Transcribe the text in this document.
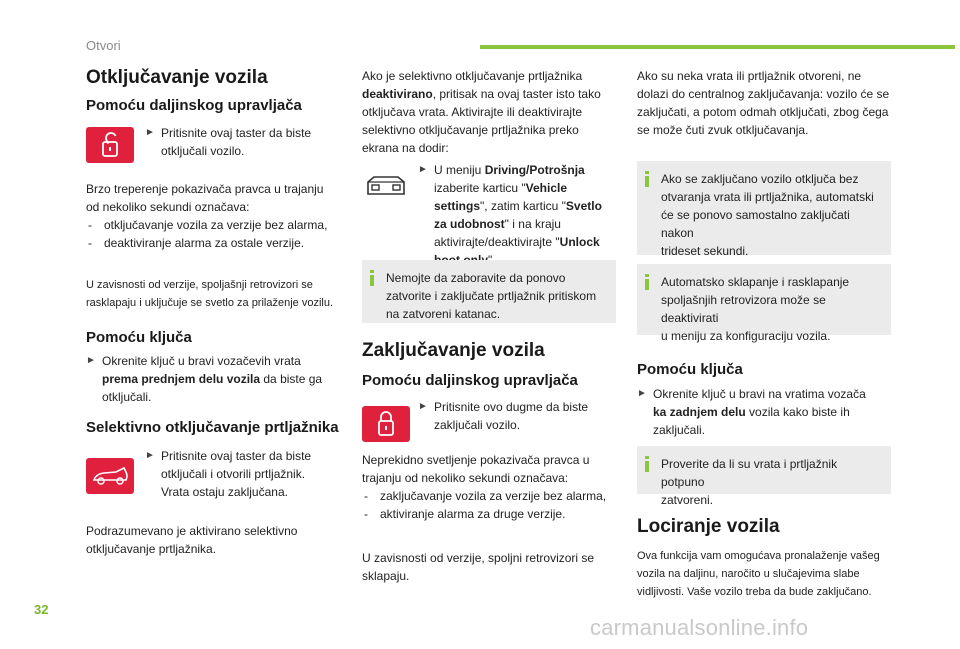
Otvori
Otključavanje vozila
Pomoću daljinskog upravljača
► Pritisnite ovaj taster da biste
otključali vozilo.
Brzo treperenje pokazivača pravca u trajanju
od nekoliko sekundi označava:
- otključavanje vozila za verzije bez alarma,
- deaktiviranje alarma za ostale verzije.
U zavisnosti od verzije, spoljašnji retrovizori se
rasklapaju i uključuje se svetlo za prilaženje vozilu.
Pomoću ključa
► Okrenite ključ u bravi vozačevih vrata
prema prednjem delu vozila da biste ga
otključali.
Selektivno otključavanje prtljažnika
► Pritisnite ovaj taster da biste
otključali i otvorili prtljažnik.
Vrata ostaju zaključana.
Podrazumevano je aktivirano selektivno
otključavanje prtljažnika.
Ako je selektivno otključavanje prtljažnika
deaktivirano, pritisak na ovaj taster isto tako
otključava vrata. Aktivirajte ili deaktivirajte
selektivno otključavanje prtljažnika preko
ekrana na dodir:
► U meniju Driving/Potrošnja
izaberite karticu "Vehicle
settings", zatim karticu "Svetlo
za udobnost" i na kraju
aktivirajte/deaktivirajte "Unlock
Nemojte da zaboravite da ponovo
zatvorite i zaključate prtljažnik pritiskom
na zatvoreni katanac.
Zaključavanje vozila
Pomoću daljinskog upravljača
► Pritisnite ovo dugme da biste
zaključali vozilo.
Neprekidno svetljenje pokazivača pravca u
trajanju od nekoliko sekundi označava:
- zaključavanje vozila za verzije bez alarma,
- aktiviranje alarma za druge verzije.
U zavisnosti od verzije, spoljni retrovizori se
sklapaju.
Ako su neka vrata ili prtljažnik otvoreni, ne
dolazi do centralnog zaključavanja: vozilo će se
zaključati, a potom odmah otključati, zbog čega
se može čuti zvuk otključavanja.
Ako se zaključano vozilo otključa bez
otvaranja vrata ili prtljažnika, automatski
će se ponovo samostalno zaključati nakon
trideset sekundi.
Automatsko sklapanje i rasklapanje
spoljašnjih retrovizora može se deaktivirati
u meniju za konfiguraciju vozila.
Pomoću ključa
► Okrenite ključ u bravi na vratima vozača
ka zadnjem delu vozila kako biste ih
zaključali.
Proverite da li su vrata i prtljažnik potpuno
zatvoreni.
Lociranje vozila
Ova funkcija vam omogućava pronalaženje vašeg
vozila na daljinu, naročito u slučajevima slabe
vidljivosti. Vaše vozilo treba da bude zaključano.
32
carmanualsonline.info
